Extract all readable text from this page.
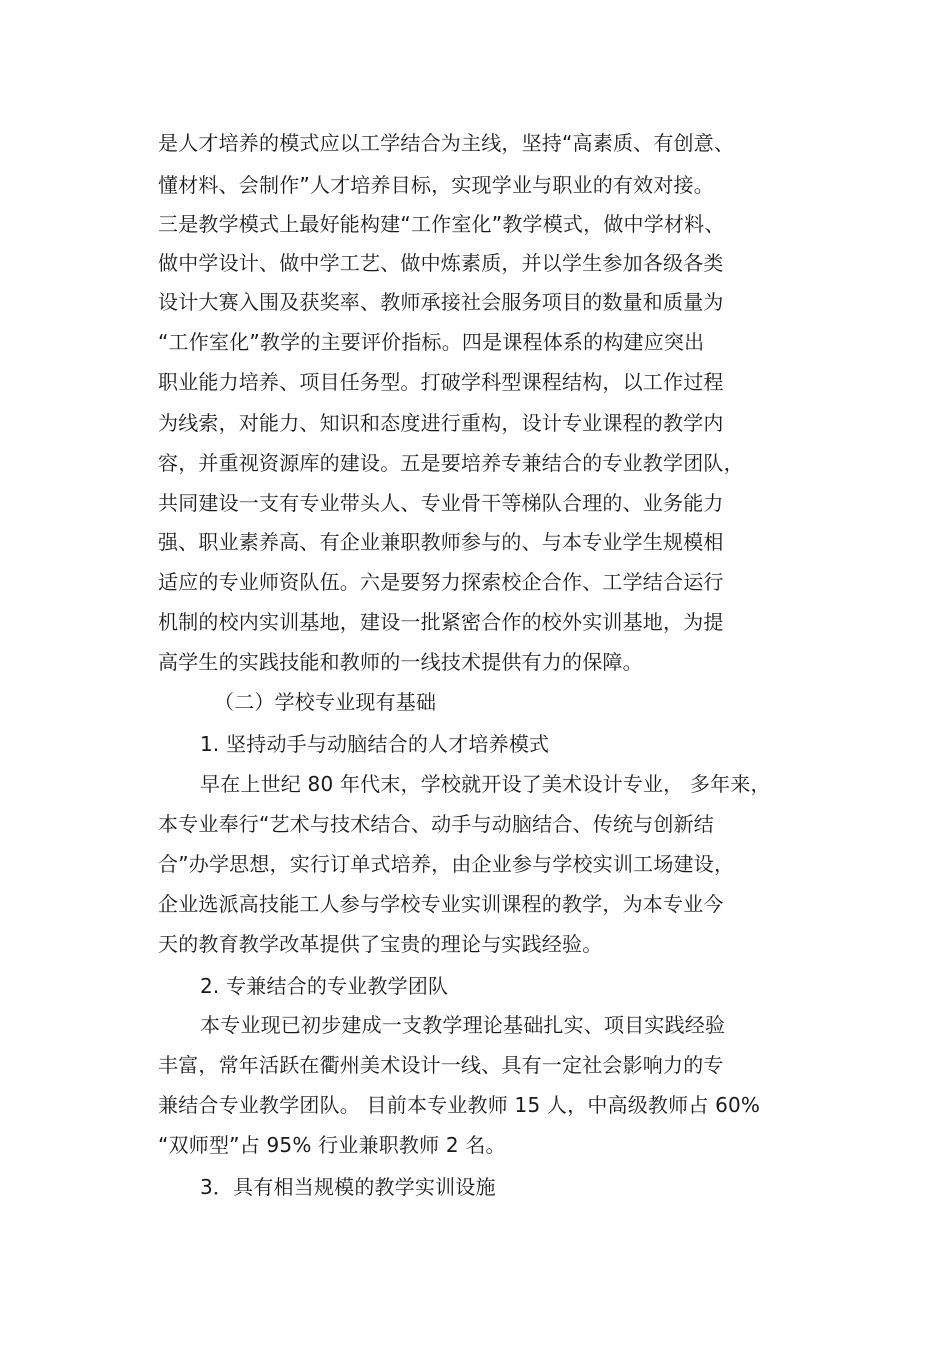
是人才培养的模式应以工学结合为主线，坚持“高素质、有创意、
懂材料、会制作”人才培养目标，实现学业与职业的有效对接。
三是教学模式上最好能构建“工作室化”教学模式，做中学材料、
做中学设计、做中学工艺、做中炼素质，并以学生参加各级各类
设计大赛入围及获奖率、教师承接社会服务项目的数量和质量为
“工作室化”教学的主要评价指标。四是课程体系的构建应突出
职业能力培养、项目任务型。打破学科型课程结构，以工作过程
为线索，对能力、知识和态度进行重构，设计专业课程的教学内
容，并重视资源库的建设。五是要培养专兼结合的专业教学团队，
共同建设一支有专业带头人、专业骨干等梯队合理的、业务能力
强、职业素养高、有企业兼职教师参与的、与本专业学生规模相
适应的专业师资队伍。六是要努力探索校企合作、工学结合运行
机制的校内实训基地，建设一批紧密合作的校外实训基地，为提
高学生的实践技能和教师的一线技术提供有力的保障。
（二）学校专业现有基础
1. 坚持动手与动脑结合的人才培养模式
早在上世纪 80 年代末，学校就开设了美术设计专业， 多年来，
本专业奉行“艺术与技术结合、动手与动脑结合、传统与创新结
合”办学思想，实行订单式培养，由企业参与学校实训工场建设，
企业选派高技能工人参与学校专业实训课程的教学，为本专业今
天的教育教学改革提供了宝贵的理论与实践经验。
2. 专兼结合的专业教学团队
本专业现已初步建成一支教学理论基础扎实、项目实践经验
丰富，常年活跃在衢州美术设计一线、具有一定社会影响力的专
兼结合专业教学团队。 目前本专业教师 15 人，中高级教师占 60%
“双师型”占 95% 行业兼职教师 2 名。
3．具有相当规模的教学实训设施
